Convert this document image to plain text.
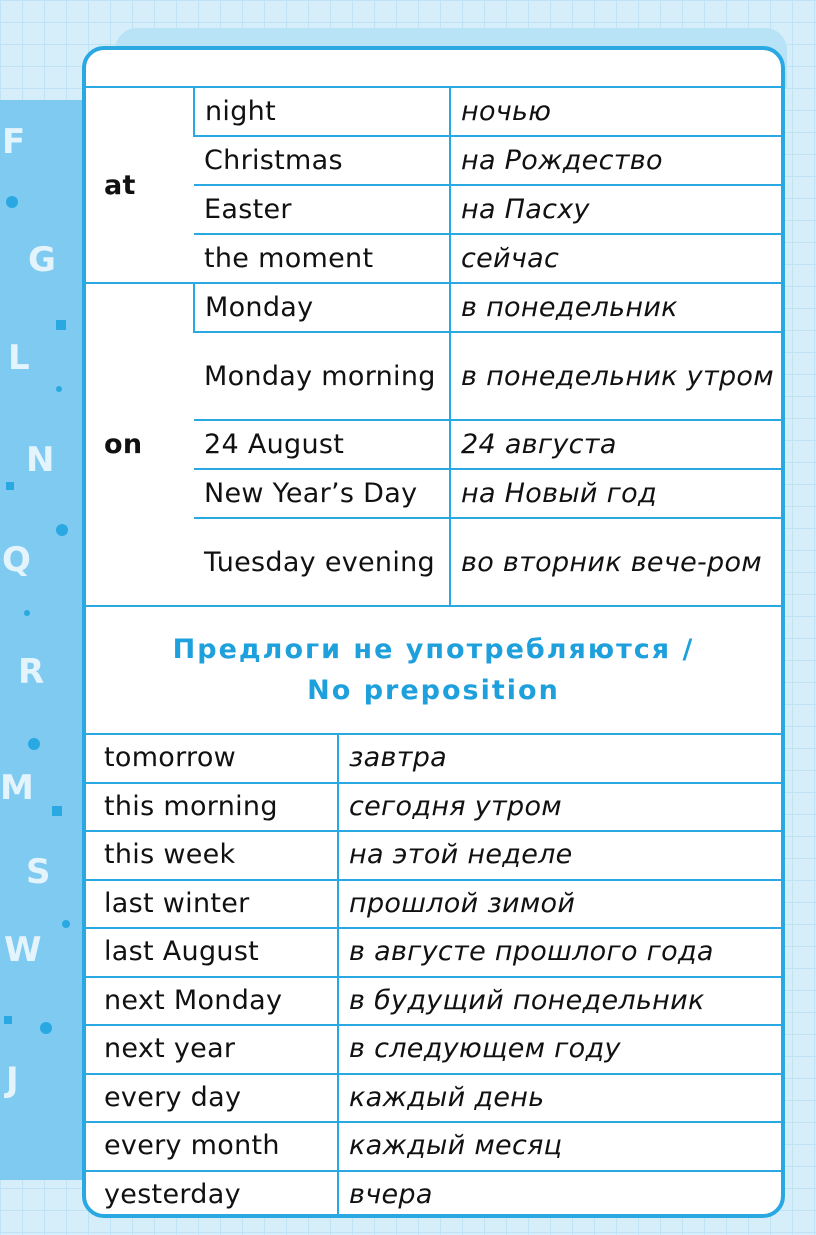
F
G
L
N
Q
R
M
S
W
J
at	night	ночью
	Christmas	на Рождество
	Easter	на Пасху
	the moment	сейчас
on	Monday	в понедельник
	Monday morning	в понедельник утром
	24 August	24 августа
	New Year’s Day	на Новый год
	Tuesday evening	во вторник вече-ром
Предлоги не употребляются /
No preposition
tomorrow	завтра
this morning	сегодня утром
this week	на этой неделе
last winter	прошлой зимой
last August	в августе прошлого года
next Monday	в будущий понедельник
next year	в следующем году
every day	каждый день
every month	каждый месяц
yesterday	вчера
